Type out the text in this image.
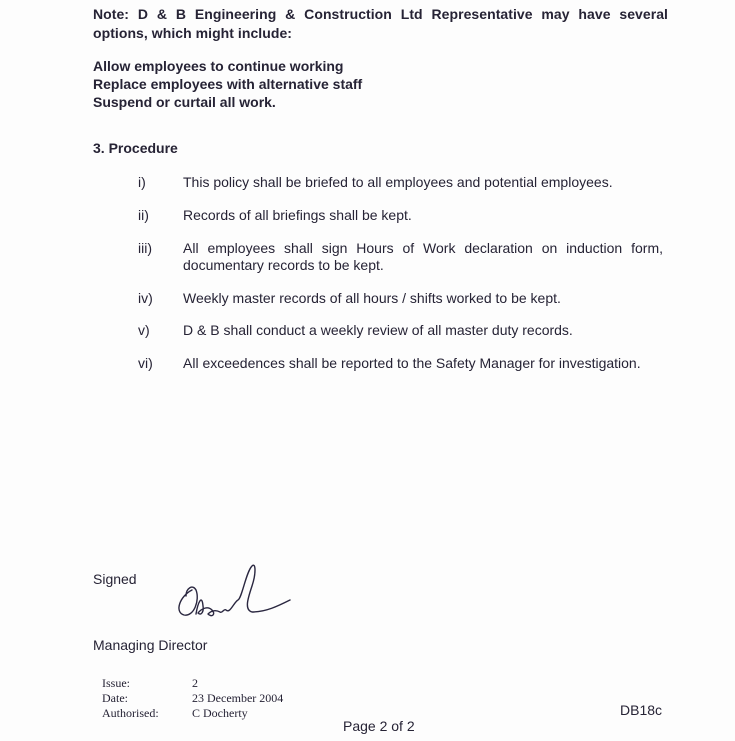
Note: D & B Engineering & Construction Ltd Representative may have several options, which might include:
Allow employees to continue working
Replace employees with alternative staff
Suspend or curtail all work.
3. Procedure
i)	This policy shall be briefed to all employees and potential employees.
ii) Records of all briefings shall be kept.
iii) All employees shall sign Hours of Work declaration on induction form, documentary records to be kept.
iv) Weekly master records of all hours / shifts worked to be kept.
v) D & B shall conduct a weekly review of all master duty records.
vi) All exceedences shall be reported to the Safety Manager for investigation.
Signed
Managing Director
Issue:	2
Date:	23 December 2004
Authorised:	C Docherty
Page 2 of 2
DB18c
